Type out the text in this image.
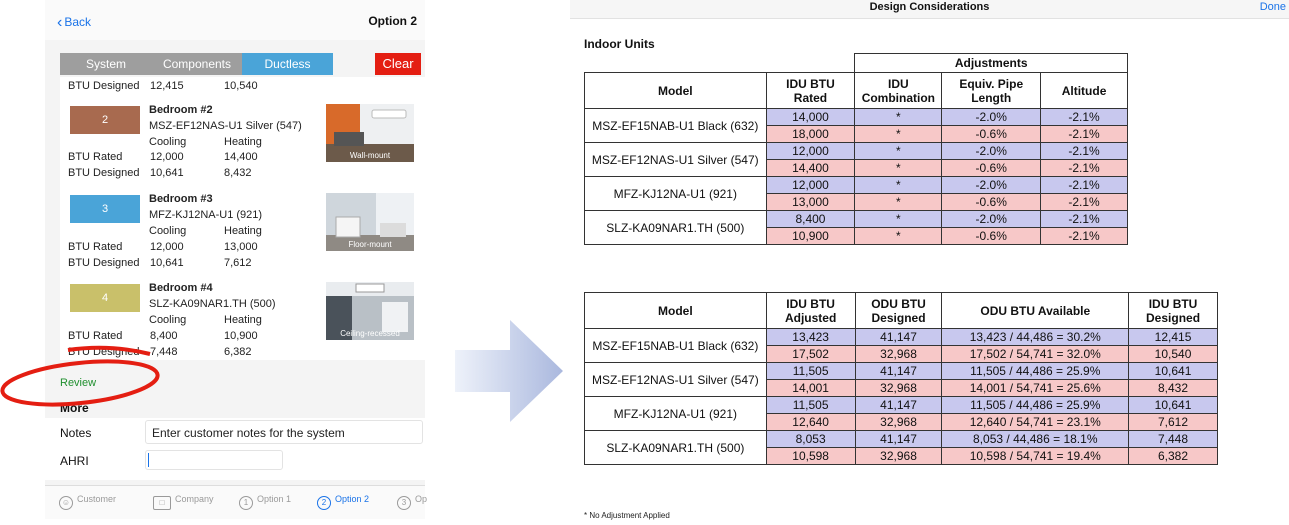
‹ Back	Option 2
System	Components	Ductless	Clear
BTU Designed 12,415	10,540
2
Bedroom #2
MSZ-EF12NAS-U1 Silver (547)
Cooling	Heating
BTU Rated	12,000	14,400
BTU Designed 10,641	8,432
Wall-mount
3
Bedroom #3
MFZ-KJ12NA-U1 (921)
Cooling	Heating
BTU Rated	12,000	13,000
BTU Designed 10,641	7,612
Floor-mount
4
Bedroom #4
SLZ-KA09NAR1.TH (500)
Cooling	Heating
BTU Rated	8,400	10,900
BTU Designed 7,448	6,382
Ceiling-recessed
Review
More
Notes	Enter customer notes for the system
AHRI
☺ Customer	□ Company	1 Option 1	2 Option 2	3 Op
Design Considerations	Done
Indoor Units
		Adjustments		
Model	IDU BTU Rated	IDU Combination	Equiv. Pipe Length	Altitude
MSZ-EF15NAB-U1 Black (632)	14,000	*	-2.0%	-2.1%
	18,000	*	-0.6%	-2.1%
MSZ-EF12NAS-U1 Silver (547)	12,000	*	-2.0%	-2.1%
	14,400	*	-0.6%	-2.1%
MFZ-KJ12NA-U1 (921)	12,000	*	-2.0%	-2.1%
	13,000	*	-0.6%	-2.1%
SLZ-KA09NAR1.TH (500)	8,400	*	-2.0%	-2.1%
	10,900	*	-0.6%	-2.1%
Model	IDU BTU Adjusted	ODU BTU Designed	ODU BTU Available	IDU BTU Designed
MSZ-EF15NAB-U1 Black (632)	13,423	41,147	13,423 / 44,486 = 30.2%	12,415
	17,502	32,968	17,502 / 54,741 = 32.0%	10,540
MSZ-EF12NAS-U1 Silver (547)	11,505	41,147	11,505 / 44,486 = 25.9%	10,641
	14,001	32,968	14,001 / 54,741 = 25.6%	8,432
MFZ-KJ12NA-U1 (921)	11,505	41,147	11,505 / 44,486 = 25.9%	10,641
	12,640	32,968	12,640 / 54,741 = 23.1%	7,612
SLZ-KA09NAR1.TH (500)	8,053	41,147	8,053 / 44,486 = 18.1%	7,448
	10,598	32,968	10,598 / 54,741 = 19.4%	6,382
* No Adjustment Applied
